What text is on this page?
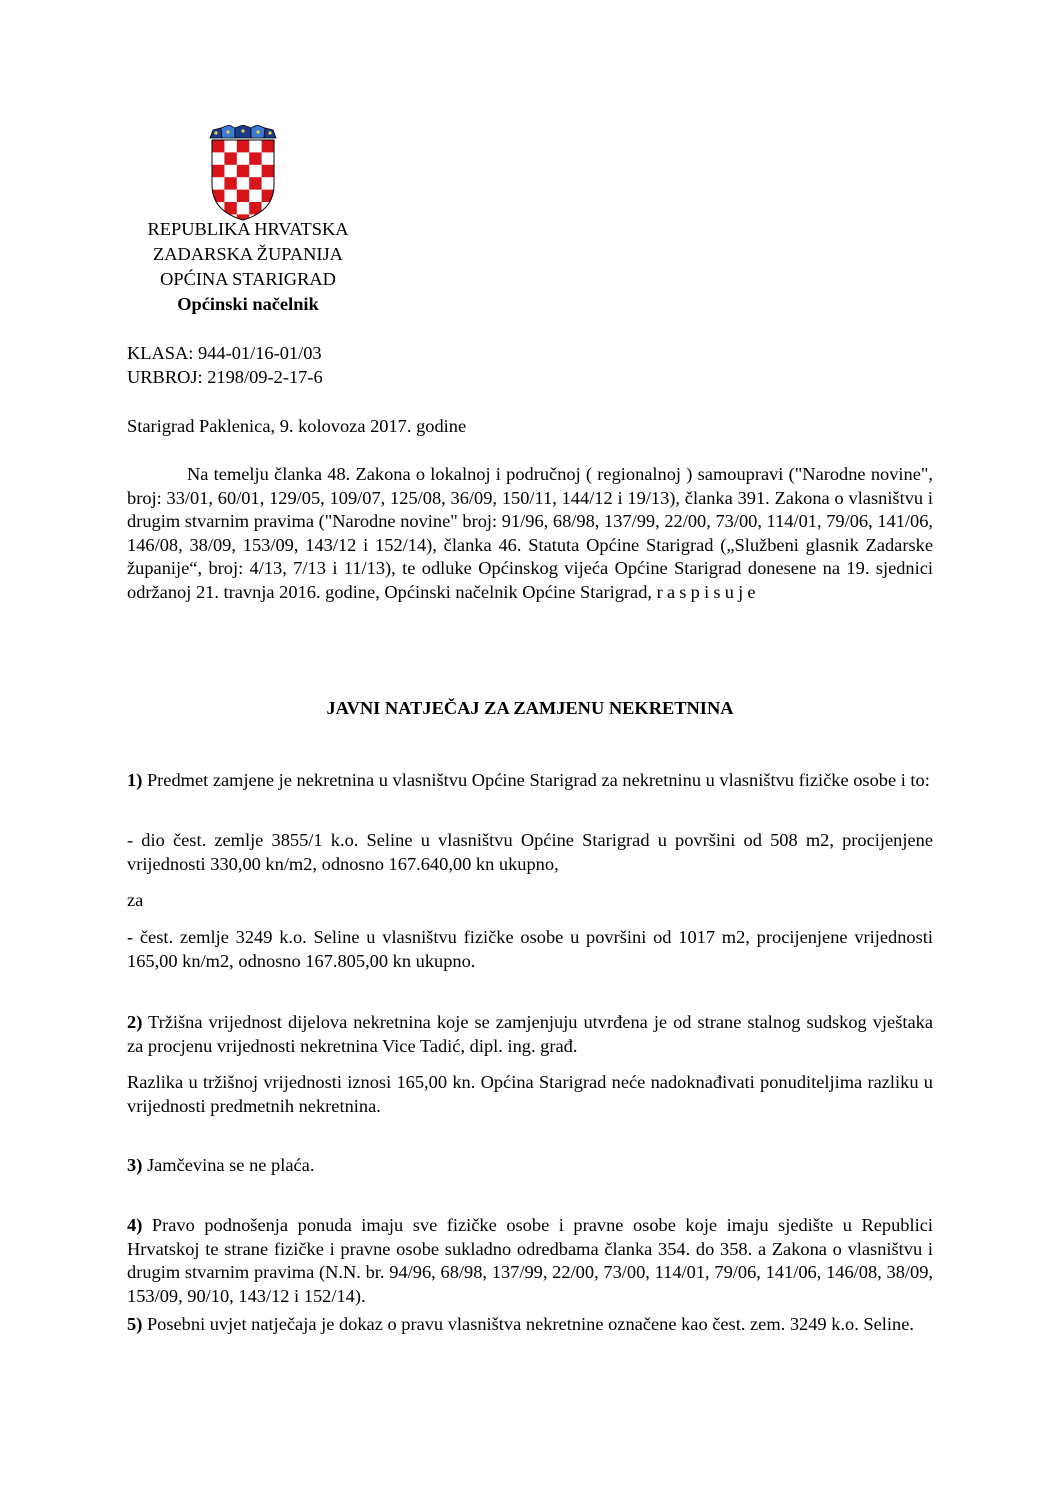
REPUBLIKA HRVATSKA
ZADARSKA ŽUPANIJA
OPĆINA STARIGRAD
Općinski načelnik
KLASA: 944-01/16-01/03
URBROJ: 2198/09-2-17-6
Starigrad Paklenica, 9. kolovoza 2017. godine
Na temelju članka 48. Zakona o lokalnoj i područnoj ( regionalnoj ) samoupravi ("Narodne novine", broj: 33/01, 60/01, 129/05, 109/07, 125/08, 36/09, 150/11, 144/12 i 19/13), članka 391. Zakona o vlasništvu i drugim stvarnim pravima ("Narodne novine" broj: 91/96, 68/98, 137/99, 22/00, 73/00, 114/01, 79/06, 141/06, 146/08, 38/09, 153/09, 143/12 i 152/14), članka 46. Statuta Općine Starigrad („Službeni glasnik Zadarske županije“, broj: 4/13, 7/13 i 11/13), te odluke Općinskog vijeća Općine Starigrad donesene na 19. sjednici održanoj 21. travnja 2016. godine, Općinski načelnik Općine Starigrad, raspisuje
JAVNI NATJEČAJ ZA ZAMJENU NEKRETNINA
1) Predmet zamjene je nekretnina u vlasništvu Općine Starigrad za nekretninu u vlasništvu fizičke osobe i to:
- dio čest. zemlje 3855/1 k.o. Seline u vlasništvu Općine Starigrad u površini od 508 m2, procijenjene vrijednosti 330,00 kn/m2, odnosno 167.640,00 kn ukupno,
za
- čest. zemlje 3249 k.o. Seline u vlasništvu fizičke osobe u površini od 1017 m2, procijenjene vrijednosti 165,00 kn/m2, odnosno 167.805,00 kn ukupno.
2) Tržišna vrijednost dijelova nekretnina koje se zamjenjuju utvrđena je od strane stalnog sudskog vještaka za procjenu vrijednosti nekretnina Vice Tadić, dipl. ing. građ.
Razlika u tržišnoj vrijednosti iznosi 165,00 kn. Općina Starigrad neće nadoknađivati ponuditeljima razliku u vrijednosti predmetnih nekretnina.
3) Jamčevina se ne plaća.
4) Pravo podnošenja ponuda imaju sve fizičke osobe i pravne osobe koje imaju sjedište u Republici Hrvatskoj te strane fizičke i pravne osobe sukladno odredbama članka 354. do 358. a Zakona o vlasništvu i drugim stvarnim pravima (N.N. br. 94/96, 68/98, 137/99, 22/00, 73/00, 114/01, 79/06, 141/06, 146/08, 38/09, 153/09, 90/10, 143/12 i 152/14).
5) Posebni uvjet natječaja je dokaz o pravu vlasništva nekretnine označene kao čest. zem. 3249 k.o. Seline.
